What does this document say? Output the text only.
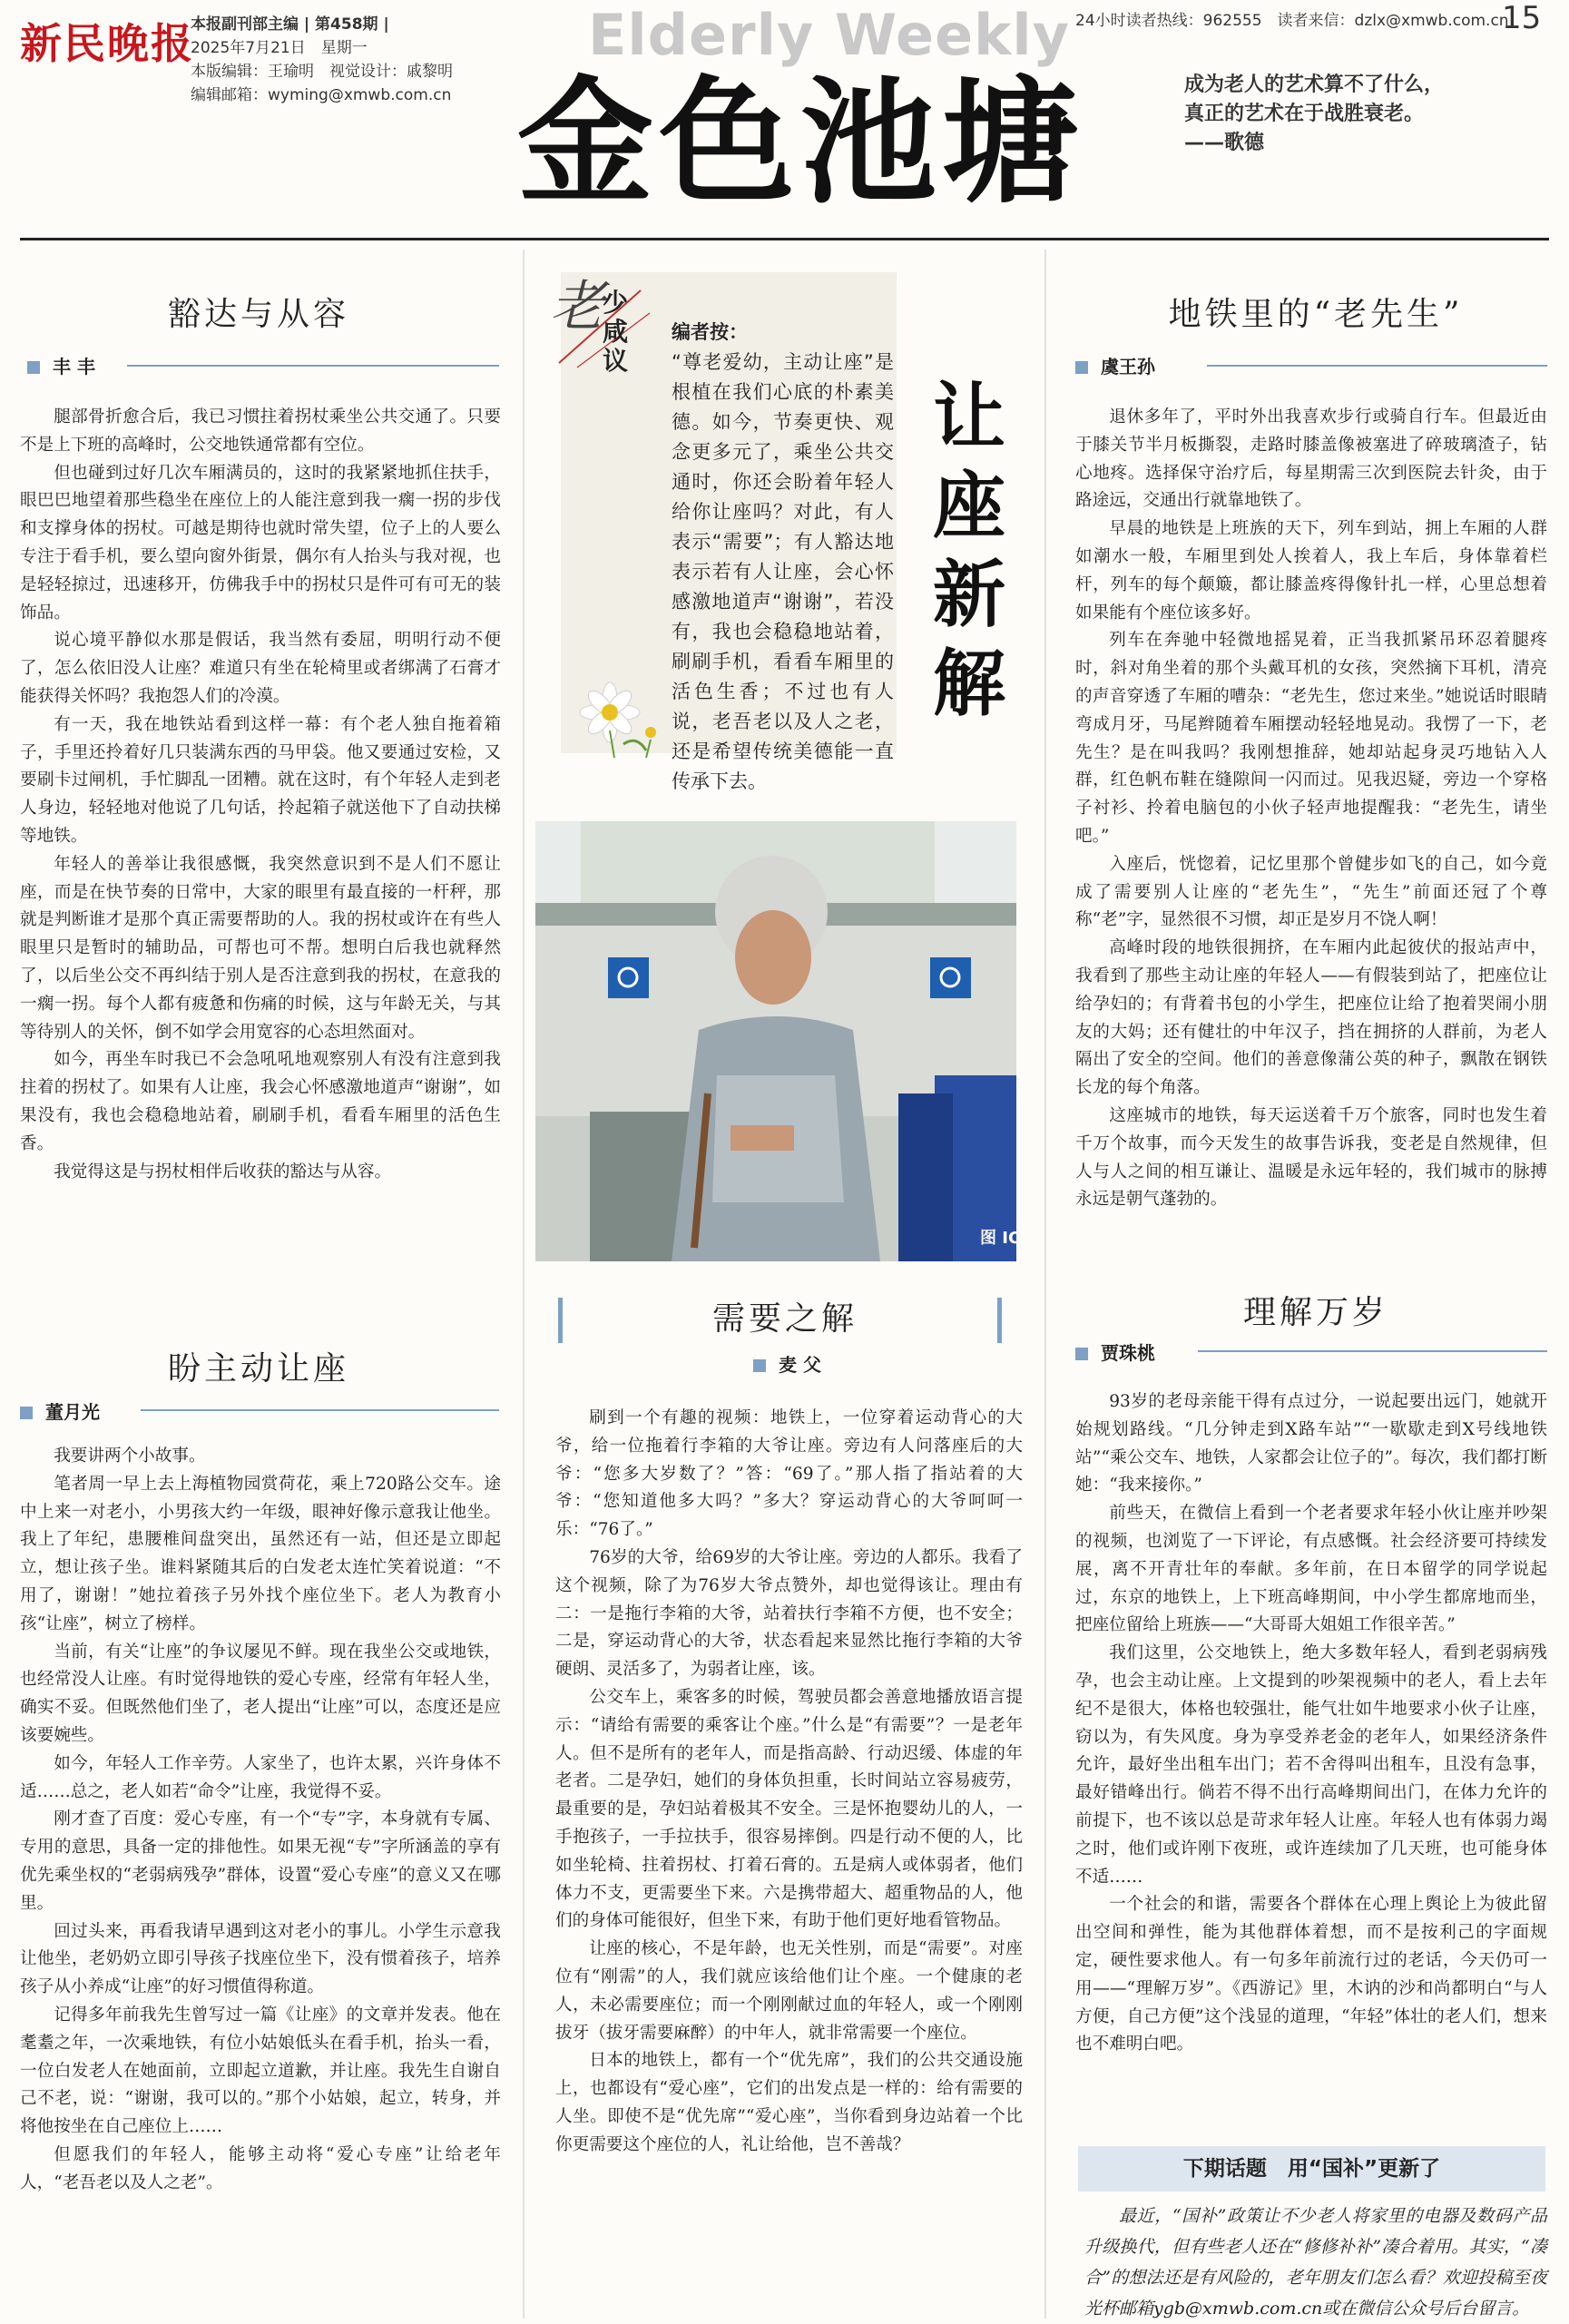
新民晚报
本报副刊部主编 | 第458期 |
2025年7月21日　星期一
本版编辑：王瑜明　视觉设计：戚黎明
编辑邮箱：wyming@xmwb.com.cn
Elderly Weekly
金色池塘
24小时读者热线：962555　读者来信：dzlx@xmwb.com.cn
15
成为老人的艺术算不了什么，真正的艺术在于战胜衰老。——歌德
豁达与从容
丰 丰

腿部骨折愈合后，我已习惯拄着拐杖乘坐公共交通了。只要不是上下班的高峰时，公交地铁通常都有空位。

但也碰到过好几次车厢满员的，这时的我紧紧地抓住扶手，眼巴巴地望着那些稳坐在座位上的人能注意到我一瘸一拐的步伐和支撑身体的拐杖。可越是期待也就时常失望，位子上的人要么专注于看手机，要么望向窗外街景，偶尔有人抬头与我对视，也是轻轻掠过，迅速移开，仿佛我手中的拐杖只是件可有可无的装饰品。

说心境平静似水那是假话，我当然有委屈，明明行动不便了，怎么依旧没人让座？难道只有坐在轮椅里或者绑满了石膏才能获得关怀吗？我抱怨人们的冷漠。

有一天，我在地铁站看到这样一幕：有个老人独自拖着箱子，手里还拎着好几只装满东西的马甲袋。他又要通过安检，又要刷卡过闸机，手忙脚乱一团糟。就在这时，有个年轻人走到老人身边，轻轻地对他说了几句话，拎起箱子就送他下了自动扶梯等地铁。

年轻人的善举让我很感慨，我突然意识到不是人们不愿让座，而是在快节奏的日常中，大家的眼里有最直接的一杆秤，那就是判断谁才是那个真正需要帮助的人。我的拐杖或许在有些人眼里只是暂时的辅助品，可帮也可不帮。想明白后我也就释然了，以后坐公交不再纠结于别人是否注意到我的拐杖，在意我的一瘸一拐。每个人都有疲惫和伤痛的时候，这与年龄无关，与其等待别人的关怀，倒不如学会用宽容的心态坦然面对。

如今，再坐车时我已不会急吼吼地观察别人有没有注意到我拄着的拐杖了。如果有人让座，我会心怀感激地道声“谢谢”，如果没有，我也会稳稳地站着，刷刷手机，看看车厢里的活色生香。

我觉得这是与拐杖相伴后收获的豁达与从容。

盼主动让座
董月光

我要讲两个小故事。

笔者周一早上去上海植物园赏荷花，乘上720路公交车。途中上来一对老小，小男孩大约一年级，眼神好像示意我让他坐。我上了年纪，患腰椎间盘突出，虽然还有一站，但还是立即起立，想让孩子坐。谁料紧随其后的白发老太连忙笑着说道：“不用了，谢谢！”她拉着孩子另外找个座位坐下。老人为教育小孩“让座”，树立了榜样。

当前，有关“让座”的争议屡见不鲜。现在我坐公交或地铁，也经常没人让座。有时觉得地铁的爱心专座，经常有年轻人坐，确实不妥。但既然他们坐了，老人提出“让座”可以，态度还是应该要婉些。

如今，年轻人工作辛劳。人家坐了，也许太累，兴许身体不适……总之，老人如若“命令”让座，我觉得不妥。

刚才查了百度：爱心专座，有一个“专”字，本身就有专属、专用的意思，具备一定的排他性。如果无视“专”字所涵盖的享有优先乘坐权的“老弱病残孕”群体，设置“爱心专座”的意义又在哪里。

回过头来，再看我请早遇到这对老小的事儿。小学生示意我让他坐，老奶奶立即引导孩子找座位坐下，没有惯着孩子，培养孩子从小养成“让座”的好习惯值得称道。

记得多年前我先生曾写过一篇《让座》的文章并发表。他在耄耋之年，一次乘地铁，有位小姑娘低头在看手机，抬头一看，一位白发老人在她面前，立即起立道歉，并让座。我先生自谢自己不老，说：“谢谢，我可以的。”那个小姑娘，起立，转身，并将他按坐在自己座位上……

但愿我们的年轻人，能够主动将“爱心专座”让给老年人，“老吾老以及人之老”。

老
少咸议
编者按：
“尊老爱幼，主动让座”是根植在我们心底的朴素美德。如今，节奏更快、观念更多元了，乘坐公共交通时，你还会盼着年轻人给你让座吗？对此，有人表示“需要”；有人豁达地表示若有人让座，会心怀感激地道声“谢谢”，若没有，我也会稳稳地站着，刷刷手机，看看车厢里的活色生香；不过也有人说，老吾老以及人之老，还是希望传统美德能一直传承下去。
让座新解
图 IC
需要之解
麦 父

刷到一个有趣的视频：地铁上，一位穿着运动背心的大爷，给一位拖着行李箱的大爷让座。旁边有人问落座后的大爷：“您多大岁数了？”答：“69了。”那人指了指站着的大爷：“您知道他多大吗？”多大？穿运动背心的大爷呵呵一乐：“76了。”

76岁的大爷，给69岁的大爷让座。旁边的人都乐。我看了这个视频，除了为76岁大爷点赞外，却也觉得该让。理由有二：一是拖行李箱的大爷，站着扶行李箱不方便，也不安全；二是，穿运动背心的大爷，状态看起来显然比拖行李箱的大爷硬朗、灵活多了，为弱者让座，该。

公交车上，乘客多的时候，驾驶员都会善意地播放语言提示：“请给有需要的乘客让个座。”什么是“有需要”？一是老年人。但不是所有的老年人，而是指高龄、行动迟缓、体虚的年老者。二是孕妇，她们的身体负担重，长时间站立容易疲劳，最重要的是，孕妇站着极其不安全。三是怀抱婴幼儿的人，一手抱孩子，一手拉扶手，很容易摔倒。四是行动不便的人，比如坐轮椅、拄着拐杖、打着石膏的。五是病人或体弱者，他们体力不支，更需要坐下来。六是携带超大、超重物品的人，他们的身体可能很好，但坐下来，有助于他们更好地看管物品。

让座的核心，不是年龄，也无关性别，而是“需要”。对座位有“刚需”的人，我们就应该给他们让个座。一个健康的老人，未必需要座位；而一个刚刚献过血的年轻人，或一个刚刚拔牙（拔牙需要麻醉）的中年人，就非常需要一个座位。

日本的地铁上，都有一个“优先席”，我们的公共交通设施上，也都设有“爱心座”，它们的出发点是一样的：给有需要的人坐。即使不是“优先席”“爱心座”，当你看到身边站着一个比你更需要这个座位的人，礼让给他，岂不善哉？

地铁里的“老先生”
虞王孙

退休多年了，平时外出我喜欢步行或骑自行车。但最近由于膝关节半月板撕裂，走路时膝盖像被塞进了碎玻璃渣子，钻心地疼。选择保守治疗后，每星期需三次到医院去针灸，由于路途远，交通出行就靠地铁了。

早晨的地铁是上班族的天下，列车到站，拥上车厢的人群如潮水一般，车厢里到处人挨着人，我上车后，身体靠着栏杆，列车的每个颠簸，都让膝盖疼得像针扎一样，心里总想着如果能有个座位该多好。

列车在奔驰中轻微地摇晃着，正当我抓紧吊环忍着腿疼时，斜对角坐着的那个头戴耳机的女孩，突然摘下耳机，清亮的声音穿透了车厢的嘈杂：“老先生，您过来坐。”她说话时眼睛弯成月牙，马尾辫随着车厢摆动轻轻地晃动。我愣了一下，老先生？是在叫我吗？我刚想推辞，她却站起身灵巧地钻入人群，红色帆布鞋在缝隙间一闪而过。见我迟疑，旁边一个穿格子衬衫、拎着电脑包的小伙子轻声地提醒我：“老先生，请坐吧。”

入座后，恍惚着，记忆里那个曾健步如飞的自己，如今竟成了需要别人让座的“老先生”，“先生”前面还冠了个尊称“老”字，显然很不习惯，却正是岁月不饶人啊！

高峰时段的地铁很拥挤，在车厢内此起彼伏的报站声中，我看到了那些主动让座的年轻人——有假装到站了，把座位让给孕妇的；有背着书包的小学生，把座位让给了抱着哭闹小朋友的大妈；还有健壮的中年汉子，挡在拥挤的人群前，为老人隔出了安全的空间。他们的善意像蒲公英的种子，飘散在钢铁长龙的每个角落。

这座城市的地铁，每天运送着千万个旅客，同时也发生着千万个故事，而今天发生的故事告诉我，变老是自然规律，但人与人之间的相互谦让、温暖是永远年轻的，我们城市的脉搏永远是朝气蓬勃的。

理解万岁
贾珠桃

93岁的老母亲能干得有点过分，一说起要出远门，她就开始规划路线。“几分钟走到X路车站”“一歇歇走到X号线地铁站”“乘公交车、地铁，人家都会让位子的”。每次，我们都打断她：“我来接你。”

前些天，在微信上看到一个老者要求年轻小伙让座并吵架的视频，也浏览了一下评论，有点感慨。社会经济要可持续发展，离不开青壮年的奉献。多年前，在日本留学的同学说起过，东京的地铁上，上下班高峰期间，中小学生都席地而坐，把座位留给上班族——“大哥哥大姐姐工作很辛苦。”

我们这里，公交地铁上，绝大多数年轻人，看到老弱病残孕，也会主动让座。上文提到的吵架视频中的老人，看上去年纪不是很大，体格也较强壮，能气壮如牛地要求小伙子让座，窃以为，有失风度。身为享受养老金的老年人，如果经济条件允许，最好坐出租车出门；若不舍得叫出租车，且没有急事，最好错峰出行。倘若不得不出行高峰期间出门，在体力允许的前提下，也不该以总是苛求年轻人让座。年轻人也有体弱力竭之时，他们或许刚下夜班，或许连续加了几天班，也可能身体不适……

一个社会的和谐，需要各个群体在心理上舆论上为彼此留出空间和弹性，能为其他群体着想，而不是按利己的字面规定，硬性要求他人。有一句多年前流行过的老话，今天仍可一用——“理解万岁”。《西游记》里，木讷的沙和尚都明白“与人方便，自己方便”这个浅显的道理，“年轻”体壮的老人们，想来也不难明白吧。

下期话题　用“国补”更新了

最近，“国补”政策让不少老人将家里的电器及数码产品升级换代，但有些老人还在“修修补补”凑合着用。其实，“凑合”的想法还是有风险的，老年朋友们怎么看？欢迎投稿至夜光杯邮箱ygb@xmwb.com.cn或在微信公众号后台留言。
